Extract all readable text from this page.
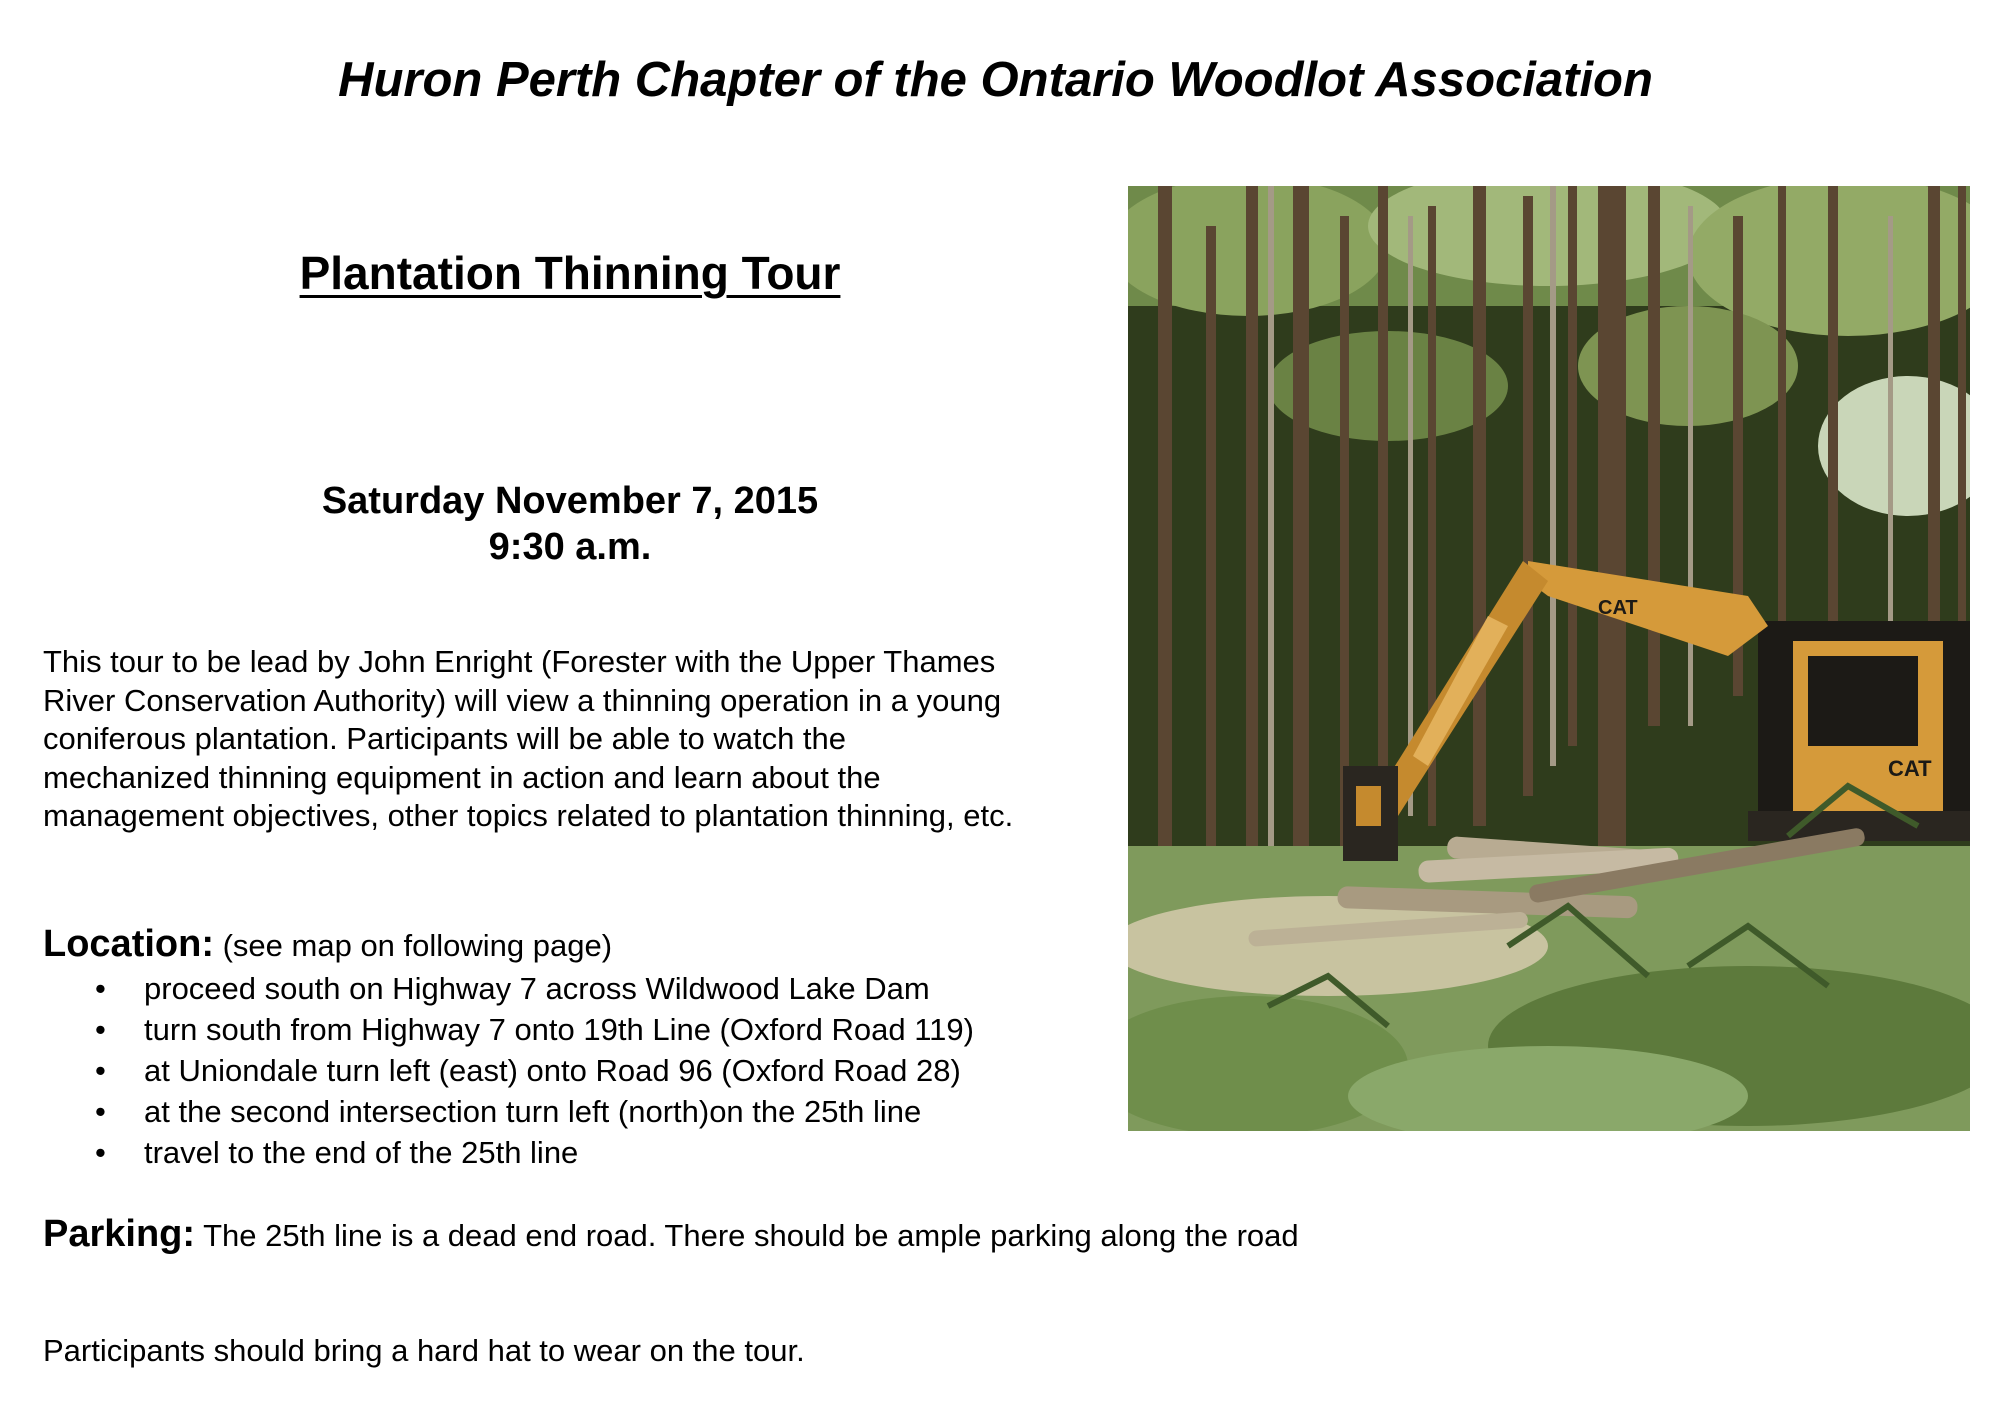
Huron Perth Chapter of the Ontario Woodlot Association
Plantation Thinning Tour
Saturday November 7, 2015
9:30 a.m.
This tour to be lead by John Enright (Forester with the Upper Thames
River Conservation Authority) will view a thinning operation in a young
coniferous plantation. Participants will be able to watch the
mechanized thinning equipment in action and learn about the
management objectives, other topics related to plantation thinning, etc.
Location: (see map on following page)
• proceed south on Highway 7 across Wildwood Lake Dam
• turn south from Highway 7 onto 19th Line (Oxford Road 119)
• at Uniondale turn left (east) onto Road 96 (Oxford Road 28)
• at the second intersection turn left (north)on the 25th line
• travel to the end of the 25th line
Parking: The 25th line is a dead end road. There should be ample parking along the road
Participants should bring a hard hat to wear on the tour.
CAT
CAT
